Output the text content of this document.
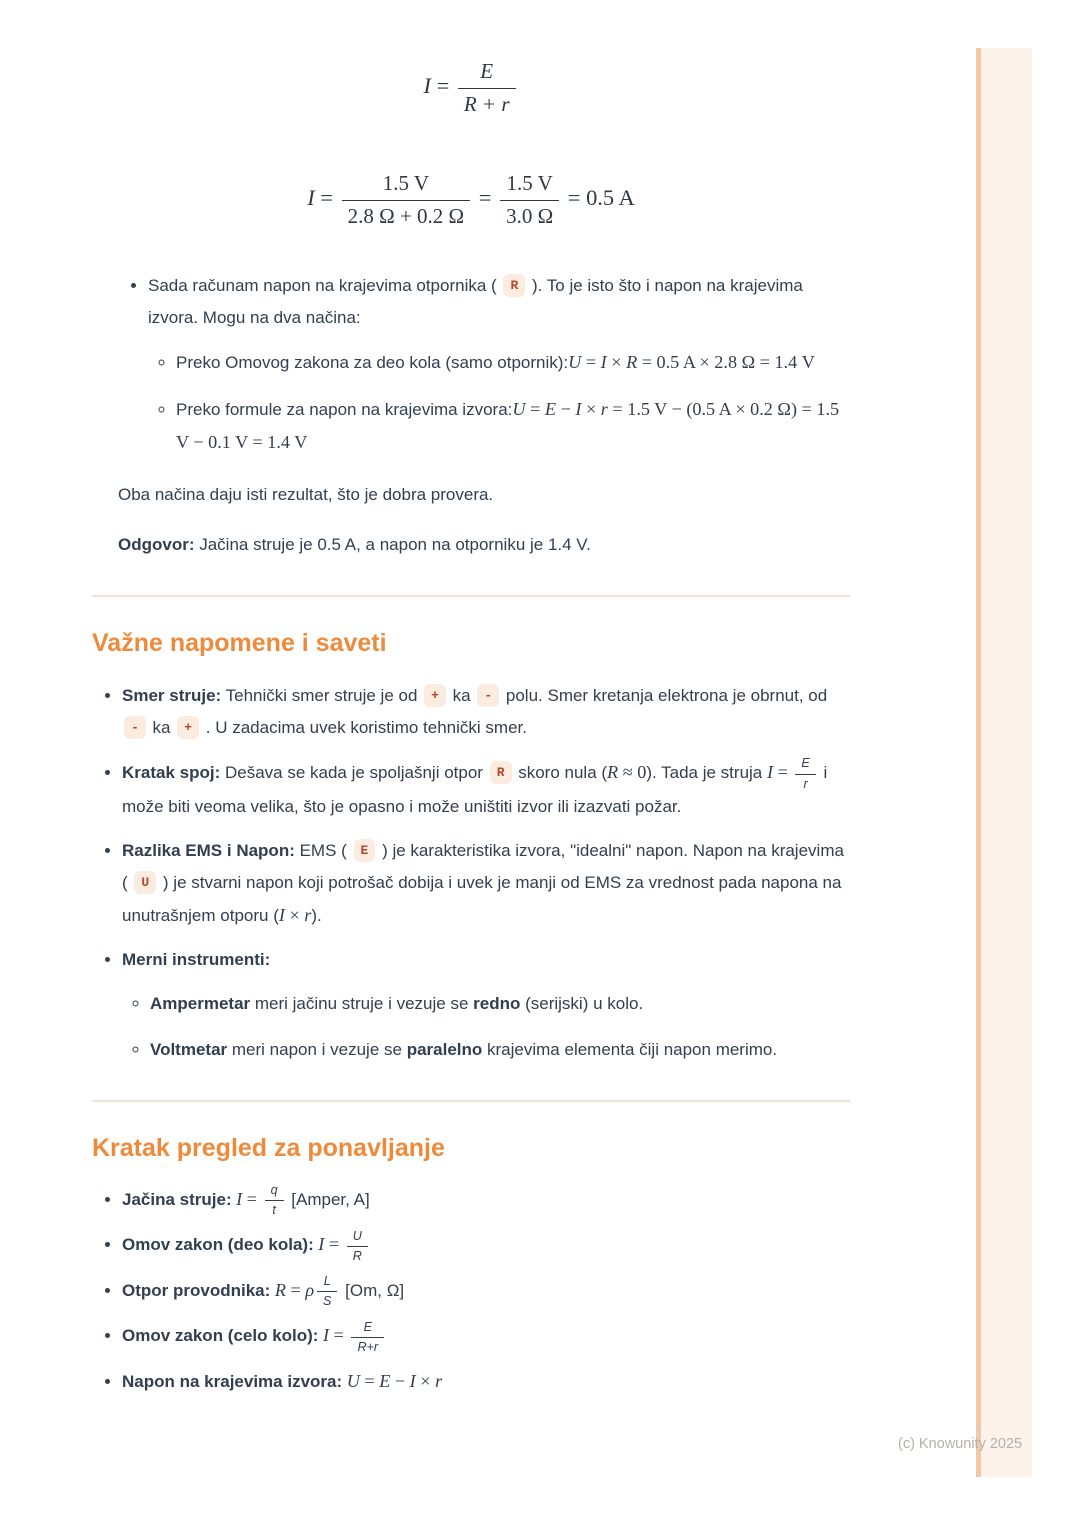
$I = \frac{E}{R + r}$
$I = \frac{1.5 V}{2.8 \Omega + 0.2 \Omega} = \frac{1.5 V}{3.0 \Omega} = 0.5$ A
• Sada računam napon na krajevima otpornika ( R ). To je isto što i napon na krajevima izvora. Mogu na dva načina:
◦ Preko Omovog zakona za deo kola (samo otpornik):U = I × R = 0.5 A × 2.8 Ω = 1.4 V
◦ Preko formule za napon na krajevima izvora:U = E − I × r = 1.5 V − (0.5 A × 0.2 Ω) = 1.5 V − 0.1 V = 1.4 V

Oba načina daju isti rezultat, što je dobra provera.

Odgovor: Jačina struje je 0.5 A, a napon na otporniku je 1.4 V.

Važne napomene i saveti
• Smer struje: Tehnički smer struje je od + ka - polu. Smer kretanja elektrona je obrnut, od - ka + . U zadacima uvek koristimo tehnički smer.
• Kratak spoj: Dešava se kada je spoljašnji otpor R skoro nula (R ≈ 0). Tada je struja $I = \frac{E}{r}$ i može biti veoma velika, što je opasno i može uništiti izvor ili izazvati požar.
• Razlika EMS i Napon: EMS ( E ) je karakteristika izvora, "idealni" napon. Napon na krajevima ( U ) je stvarni napon koji potrošač dobija i uvek je manji od EMS za vrednost pada napona na unutrašnjem otporu (I × r).
• Merni instrumenti:
◦ Ampermetar meri jačinu struje i vezuje se redno (serijski) u kolo.
◦ Voltmetar meri napon i vezuje se paralelno krajevima elementa čiji napon merimo.
Kratak pregled za ponavljanje
• Jačina struje: $I = \frac{q}{t}$ [Amper, A]
• Omov zakon (deo kola): $I = \frac{U}{R}$
• Otpor provodnika: R = ρ $\frac{L}{S} [Om$, Ω]
• Omov zakon (celo kolo): $I = \frac{E}{R+r}$
• Napon na krajevima izvora: U = E − I × r
(c) Knowunity 2025
